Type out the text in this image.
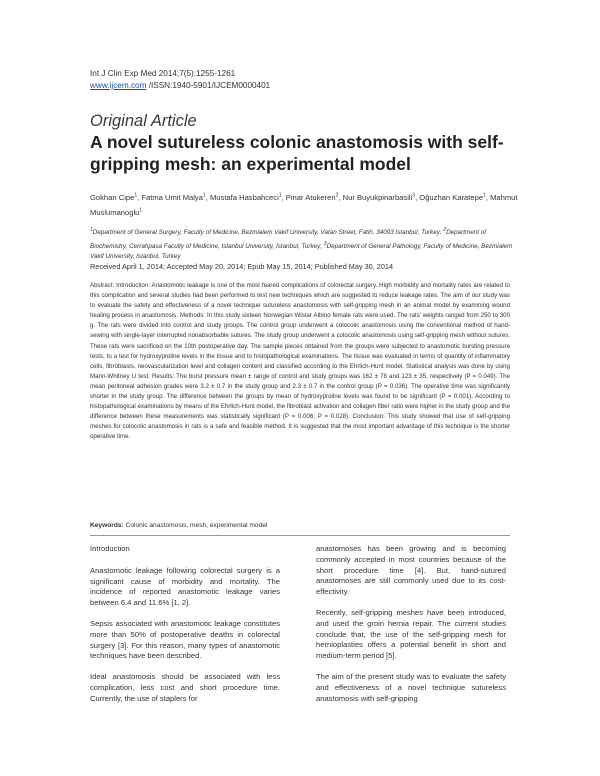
Int J Clin Exp Med 2014;7(5):1255-1261
www.ijcem.com /ISSN:1940-5901/IJCEM0000401
Original Article
A novel sutureless colonic anastomosis with self-gripping mesh: an experimental model
Gokhan Cipe$^1$, Fatma Umit Malya$^1$, Mustafa Hasbahceci$^1$, Pinar Atukeren$^2$, Nur Buyukpinarbasili$^3$, Oğuzhan Karatepe$^1$, Mahmut Muslumanoglu$^1$
$^1$Department of General Surgery, Faculty of Medicine, Bezmialem Vakif University, Vatan Street, Fatih, 34093 Istanbul, Turkey; $^2$Department of Biochemistry, Cerrahpasa Faculty of Medicine, Istanbul University, Istanbul, Turkey; $^3$Department of General Pathology, Faculty of Medicine, Bezmialem Vakif University, Istanbul, Turkey
Received April 1, 2014; Accepted May 20, 2014; Epub May 15, 2014; Published May 30, 2014
Abstract: Introduction: Anastomotic leakage is one of the most feared complications of colorectal surgery. High morbidity and mortality rates are related to this complication and several studies had been performed to test new techniques which are suggested to reduce leakage rates. The aim of our study was to evaluate the safety and effectiveness of a novel technique sutureless anastomosis with self-gripping mesh in an animal model by examining wound healing process in anastomosis. Methods: In this study sixteen Norwegian Wistar Albino female rats were used. The rats' weights ranged from 250 to 300 g. The rats were divided into control and study groups. The control group underwent a colocolic anastomosis using the conventional method of hand-sewing with single-layer interrupted nonabsorbable sutures. The study group underwent a colocolic anastomosis using self-gripping mesh without sutures. These rats were sacrificed on the 10th postoperative day. The sample pieces obtained from the groups were subjected to anastomotic bursting pressure tests, to a test for hydroxyproline levels in the tissue and to histopathological examinations. The tissue was evaluated in terms of quantity of inflammatory cells, fibroblasts, neovascularization level and collagen content and classified according to the Ehrlich-Hunt model. Statistical analysis was done by using Mann-Whitney U test. Results: The burst pressure mean ± range of control and study groups was 162 ± 78 and 123 ± 35, respectively (P = 0.049). The mean peritoneal adhesion grades were 3.2 ± 0.7 in the study group and 2.3 ± 0.7 in the control group (P = 0.036). The operative time was significantly shorter in the study group. The difference between the groups by mean of hydroxyproline levels was found to be significant (P = 0.001). According to histopathological examinations by means of the Ehrlich-Hunt model, the fibroblast activation and collagen fiber ratio were higher in the study group and the difference between these measurements was statistically significant (P = 0.006; P = 0.028). Conclusion: This study showed that use of self-gripping meshes for colocolic anastomosis in rats is a safe and feasible method. It is suggested that the most important advantage of this technique is the shorter operative time.
Keywords: Colonic anastomosis, mesh, experimental model
Introduction

Anastomotic leakage following colorectal surgery is a significant cause of morbidity and mortality. The incidence of reported anastomotic leakage varies between 6.4 and 11.6% [1, 2].

Sepsis associated with anastomotic leakage constitutes more than 50% of postoperative deaths in colorectal surgery [3]. For this reason, many types of anastomotic techniques have been described.

Ideal anastomosis should be associated with less complication, less cost and short procedure time. Currently, the use of staplers for

anastomoses has been growing and is becoming commonly accepted in most countries because of the short procedure time [4]. But, hand-sutured anastomoses are still commonly used due to its cost-effectivity.

Recently, self-gripping meshes have been introduced, and used the groin hernia repair. The current studies conclude that, the use of the self-gripping mesh for hernioplasties offers a potential benefit in short and medium-term period [5].

The aim of the present study was to evaluate the safety and effectiveness of a novel technique sutureless anastomosis with self-gripping
